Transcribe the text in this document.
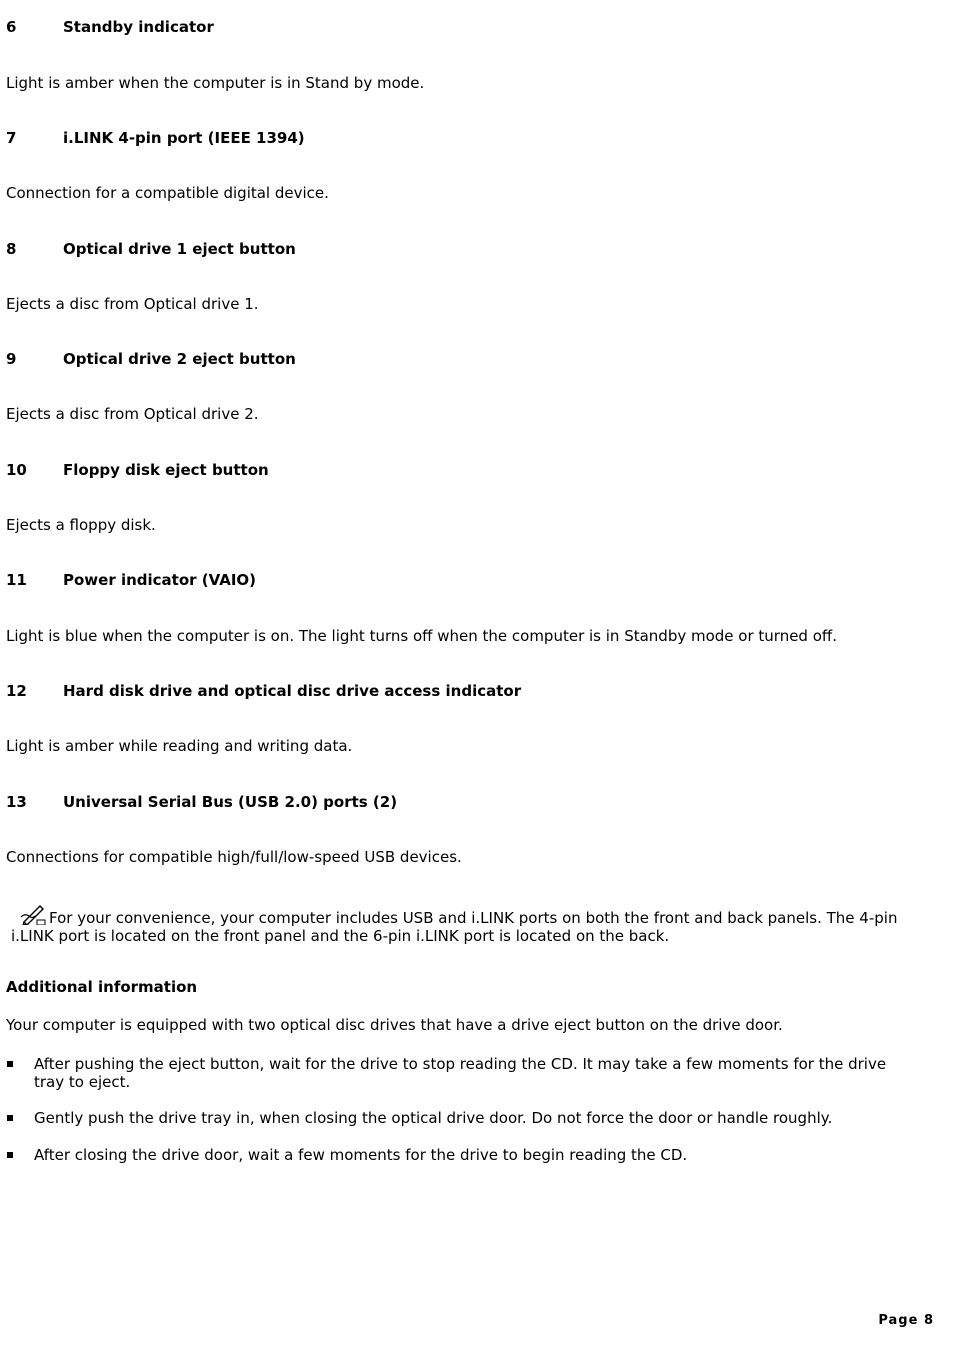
6	Standby indicator
Light is amber when the computer is in Stand by mode.
7	i.LINK 4-pin port (IEEE 1394)
Connection for a compatible digital device.
8	Optical drive 1 eject button
Ejects a disc from Optical drive 1.
9	Optical drive 2 eject button
Ejects a disc from Optical drive 2.
10 Floppy disk eject button
Ejects a floppy disk.
11 Power indicator (VAIO)
Light is blue when the computer is on. The light turns off when the computer is in Standby mode or turned off.
12 Hard disk drive and optical disc drive access indicator
Light is amber while reading and writing data.
13 Universal Serial Bus (USB 2.0) ports (2)
Connections for compatible high/full/low-speed USB devices.
For your convenience, your computer includes USB and i.LINK ports on both the front and back panels. The 4-pin i.LINK port is located on the front panel and the 6-pin i.LINK port is located on the back.
Additional information
Your computer is equipped with two optical disc drives that have a drive eject button on the drive door.
After pushing the eject button, wait for the drive to stop reading the CD. It may take a few moments for the drive tray to eject.
Gently push the drive tray in, when closing the optical drive door. Do not force the door or handle roughly.
After closing the drive door, wait a few moments for the drive to begin reading the CD.
Page 8
